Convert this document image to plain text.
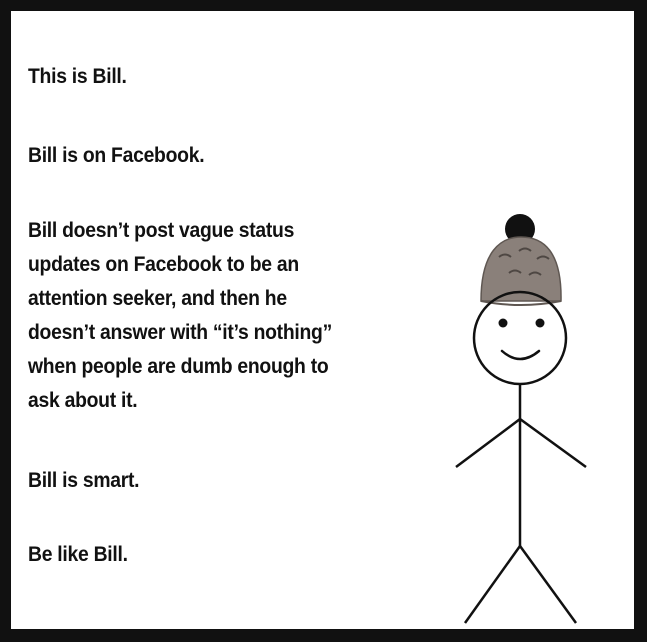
This is Bill.

Bill is on Facebook.

Bill doesn’t post vague status

updates on Facebook to be an

attention seeker, and then he

doesn’t answer with “it’s nothing”

when people are dumb enough to

ask about it.

Bill is smart.

Be like Bill.
